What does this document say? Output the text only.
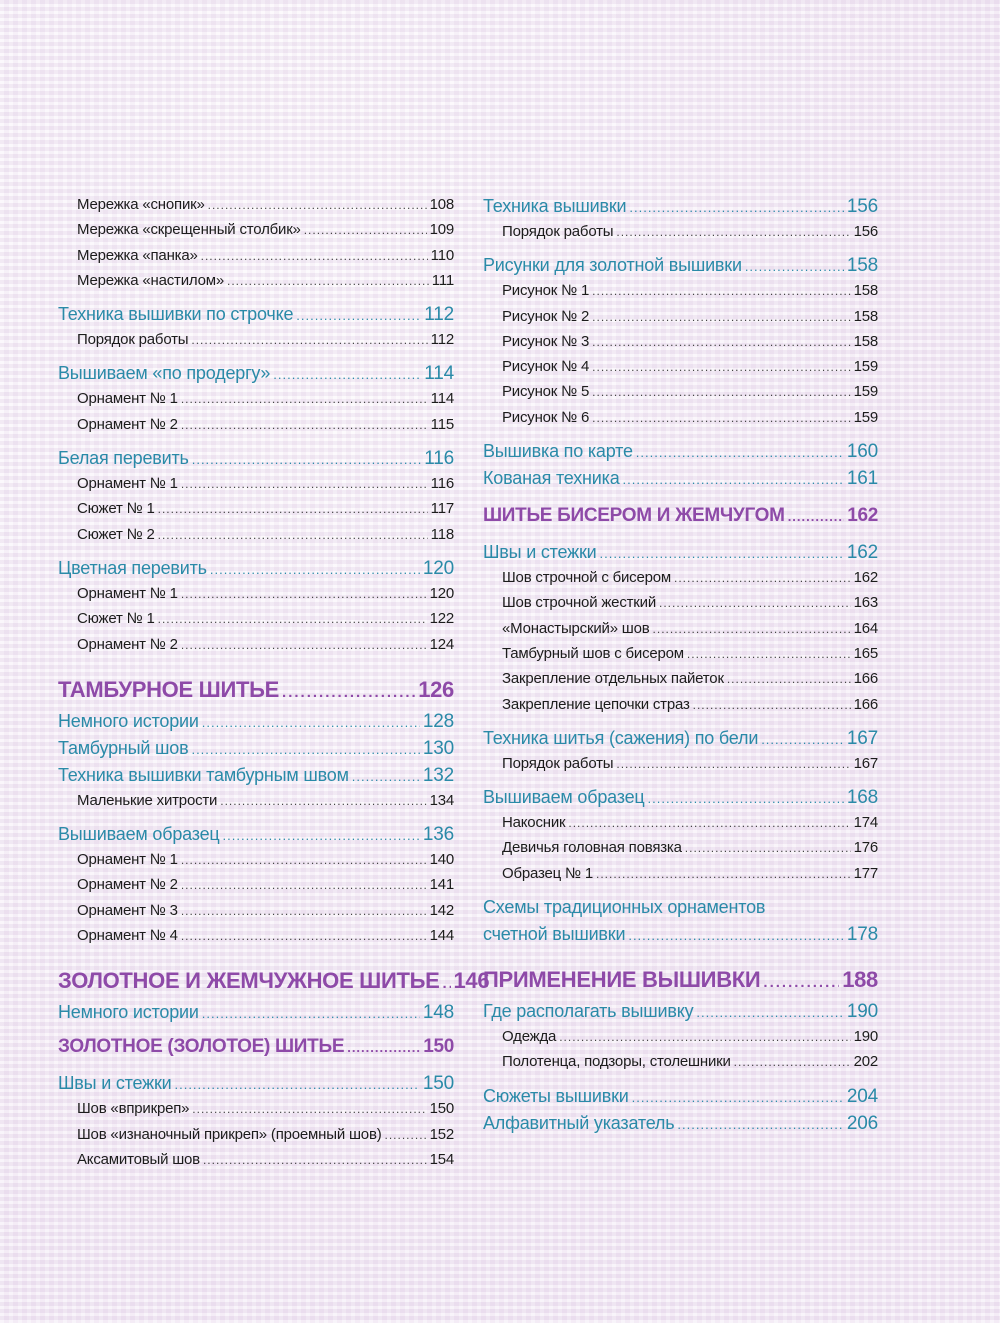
Мережка «снопик» .....	108
Мережка «скрещенный столбик» .....	109
Мережка «панка» .....	110
Мережка «настилом» .....	111
Техника вышивки по строчке .....	112
Порядок работы .....	112
Вышиваем «по продергу» .....	114
Орнамент № 1 .....	114
Орнамент № 2 .....	115
Белая перевить .....	116
Орнамент № 1 .....	116
Сюжет № 1 .....	117
Сюжет № 2 .....	118
Цветная перевить .....	120
Орнамент № 1 .....	120
Сюжет № 1 .....	122
Орнамент № 2 .....	124
ТАМБУРНОЕ ШИТЬЕ .....	126
Немного истории .....	128
Тамбурный шов .....	130
Техника вышивки тамбурным швом .....	132
Маленькие хитрости .....	134
Вышиваем образец .....	136
Орнамент № 1 .....	140
Орнамент № 2 .....	141
Орнамент № 3 .....	142
Орнамент № 4 .....	144
ЗОЛОТНОЕ И ЖЕМЧУЖНОЕ ШИТЬЕ ..... 146
Немного истории .....	148
ЗОЛОТНОЕ (ЗОЛОТОЕ) ШИТЬЕ .....	150
Швы и стежки .....	150
Шов «вприкреп» .....	150
Шов «изнаночный прикреп» (проемный шов) .....	152
Аксамитовый шов .....	154
Техника вышивки .....	156
Порядок работы .....	156
Рисунки для золотной вышивки .....	158
Рисунок № 1 .....	158
Рисунок № 2 .....	158
Рисунок № 3 .....	158
Рисунок № 4 .....	159
Рисунок № 5 .....	159
Рисунок № 6 .....	159
Вышивка по карте .....	160
Кованая техника .....	161
ШИТЬЕ БИСЕРОМ И ЖЕМЧУГОМ .....	162
Швы и стежки .....	162
Шов строчной с бисером .....	162
Шов строчной жесткий .....	163
«Монастырский» шов .....	164
Тамбурный шов с бисером .....	165
Закрепление отдельных пайеток .....	166
Закрепление цепочки страз .....	166
Техника шитья (сажения) по бели .....	167
Порядок работы .....	167
Вышиваем образец .....	168
Накосник .....	174
Девичья головная повязка .....	176
Образец № 1 .....	177
Схемы традиционных орнаментов
счетной вышивки .....	178
ПРИМЕНЕНИЕ ВЫШИВКИ .....	188
Где располагать вышивку .....	190
Одежда .....	190
Полотенца, подзоры, столешники .....	202
Сюжеты вышивки .....	204
Алфавитный указатель .....	206
